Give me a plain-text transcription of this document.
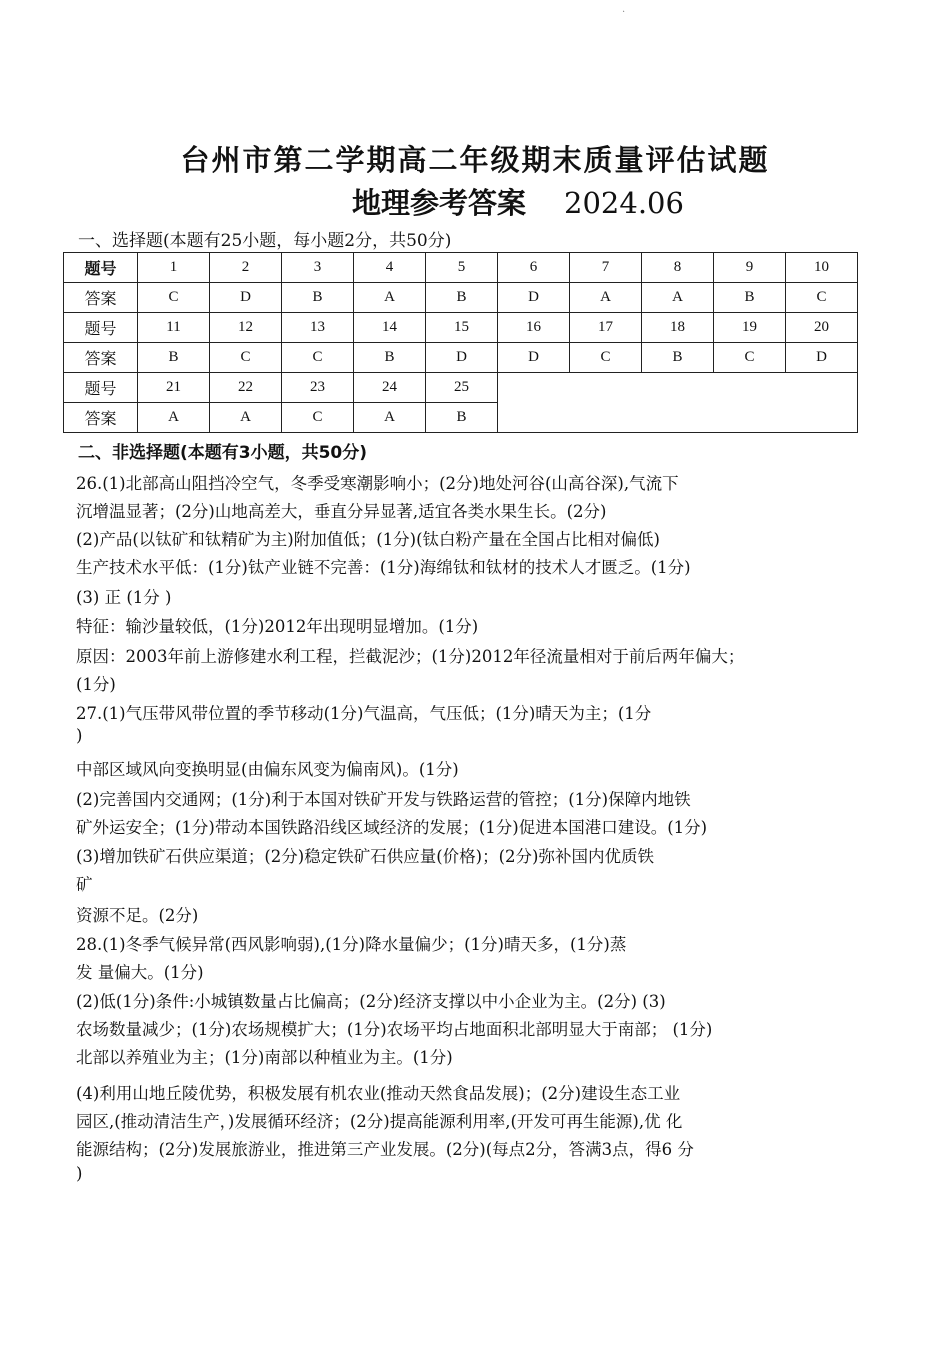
.
台州市第二学期高二年级期末质量评估试题
地理参考答案 2024.06
一、选择题(本题有25小题，每小题2分，共50分)
题号	1	2	3	4	5	6	7	8	9	10
答案	C	D	B	A	B	D	A	A	B	C
题号	11	12	13	14	15	16	17	18	19	20
答案	B	C	C	B	D	D	C	B	C	D
题号	21	22	23	24	25					
答案	A	A	C	A	B					
二、非选择题(本题有3小题，共50分)
26.(1)北部高山阻挡冷空气，冬季受寒潮影响小；(2分)地处河谷(山高谷深),气流下
沉增温显著；(2分)山地高差大，垂直分异显著,适宜各类水果生长。(2分)
(2)产品(以钛矿和钛精矿为主)附加值低；(1分)(钛白粉产量在全国占比相对偏低)
生产技术水平低：(1分)钛产业链不完善：(1分)海绵钛和钛材的技术人才匮乏。(1分)
(3) 正 (1分 )
特征：输沙量较低，(1分)2012年出现明显增加。(1分)
原因：2003年前上游修建水利工程，拦截泥沙；(1分)2012年径流量相对于前后两年偏大；
(1分)
27.(1)气压带风带位置的季节移动(1分)气温高，气压低；(1分)晴天为主；(1分
)
中部区域风向变换明显(由偏东风变为偏南风)。(1分)
(2)完善国内交通网；(1分)利于本国对铁矿开发与铁路运营的管控；(1分)保障内地铁
矿外运安全；(1分)带动本国铁路沿线区域经济的发展；(1分)促进本国港口建设。(1分)
(3)增加铁矿石供应渠道；(2分)稳定铁矿石供应量(价格)；(2分)弥补国内优质铁
矿
资源不足。(2分)
28.(1)冬季气候异常(西风影响弱),(1分)降水量偏少；(1分)晴天多，(1分)蒸
发 量偏大。(1分)
(2)低(1分)条件:小城镇数量占比偏高；(2分)经济支撑以中小企业为主。(2分) (3)
农场数量减少；(1分)农场规模扩大；(1分)农场平均占地面积北部明显大于南部； (1分)
北部以养殖业为主；(1分)南部以种植业为主。(1分)
(4)利用山地丘陵优势，积极发展有机农业(推动天然食品发展)；(2分)建设生态工业
园区,(推动清洁生产，)发展循环经济；(2分)提高能源利用率,(开发可再生能源),优 化
能源结构；(2分)发展旅游业，推进第三产业发展。(2分)(每点2分，答满3点，得6 分
)
